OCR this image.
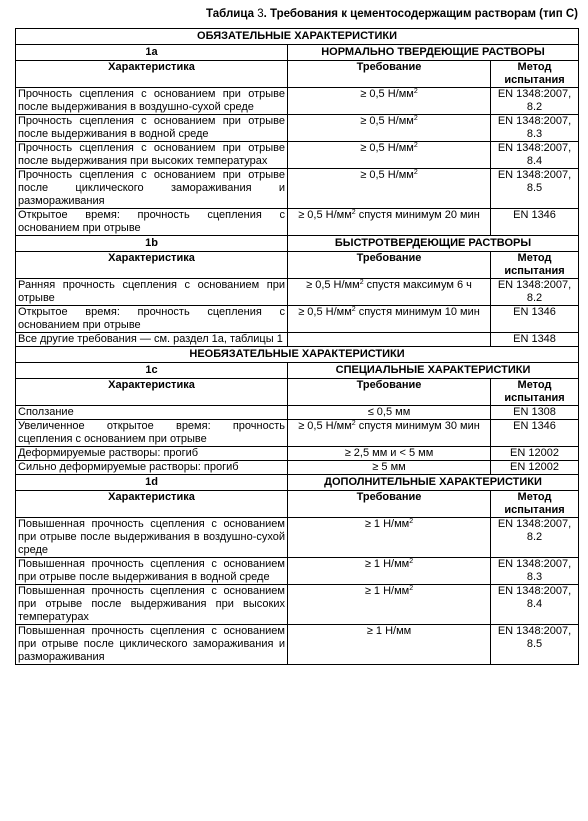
Таблица 3. Требования к цементосодержащим растворам (тип С)
ОБЯЗАТЕЛЬНЫЕ ХАРАКТЕРИСТИКИ		
1a	НОРМАЛЬНО ТВЕРДЕЮЩИЕ РАСТВОРЫ	
Характеристика	Требование	Метод испытания
Прочность сцепления с основанием при отрыве после выдерживания в воздушно-сухой среде	≥ 0,5 $Н/мм^2$	EN 1348:2007, 8.2
Прочность сцепления с основанием при отрыве после выдерживания в водной среде	≥ 0,5 $Н/мм^2$	EN 1348:2007, 8.3
Прочность сцепления с основанием при отрыве после выдерживания при высоких температурах	≥ 0,5 $Н/мм^2$	EN 1348:2007, 8.4
Прочность сцепления с основанием при отрыве после циклического замораживания и размораживания	≥ 0,5 $Н/мм^2$	EN 1348:2007, 8.5
Открытое время: прочность сцепления с основанием при отрыве	≥ 0,5 $Н/мм^2$ спустя минимум 20 мин	EN 1346
1b	БЫСТРОТВЕРДЕЮЩИЕ РАСТВОРЫ	
Характеристика	Требование	Метод испытания
Ранняя прочность сцепления с основанием при отрыве	≥ 0,5 $Н/мм^2$ спустя максимум 6 ч	EN 1348:2007, 8.2
Открытое время: прочность сцепления с основанием при отрыве	≥ 0,5 $Н/мм^2$ спустя минимум 10 мин	EN 1346
Все другие требования — см. раздел 1a, таблицы 1		EN 1348
НЕОБЯЗАТЕЛЬНЫЕ ХАРАКТЕРИСТИКИ		
1c	СПЕЦИАЛЬНЫЕ ХАРАКТЕРИСТИКИ	
Характеристика	Требование	Метод испытания
Сползание	≤ 0,5 мм	EN 1308
Увеличенное открытое время: прочность сцепления с основанием при отрыве	≥ 0,5 $Н/мм^2$ спустя минимум 30 мин	EN 1346
Деформируемые растворы: прогиб	≥ 2,5 мм и < 5 мм	EN 12002
Сильно деформируемые растворы: прогиб	≥ 5 мм	EN 12002
1d	ДОПОЛНИТЕЛЬНЫЕ ХАРАКТЕРИСТИКИ	
Характеристика	Требование	Метод испытания
Повышенная прочность сцепления с основанием при отрыве после выдерживания в воздушно-сухой среде	≥ 1 $Н/мм^2$	EN 1348:2007, 8.2
Повышенная прочность сцепления с основанием при отрыве после выдерживания в водной среде	≥ 1 $Н/мм^2$	EN 1348:2007, 8.3
Повышенная прочность сцепления с основанием при отрыве после выдерживания при высоких температурах	≥ 1 $Н/мм^2$	EN 1348:2007, 8.4
Повышенная прочность сцепления с основанием при отрыве после циклического замораживания и размораживания	≥ 1 Н/мм	EN 1348:2007, 8.5
